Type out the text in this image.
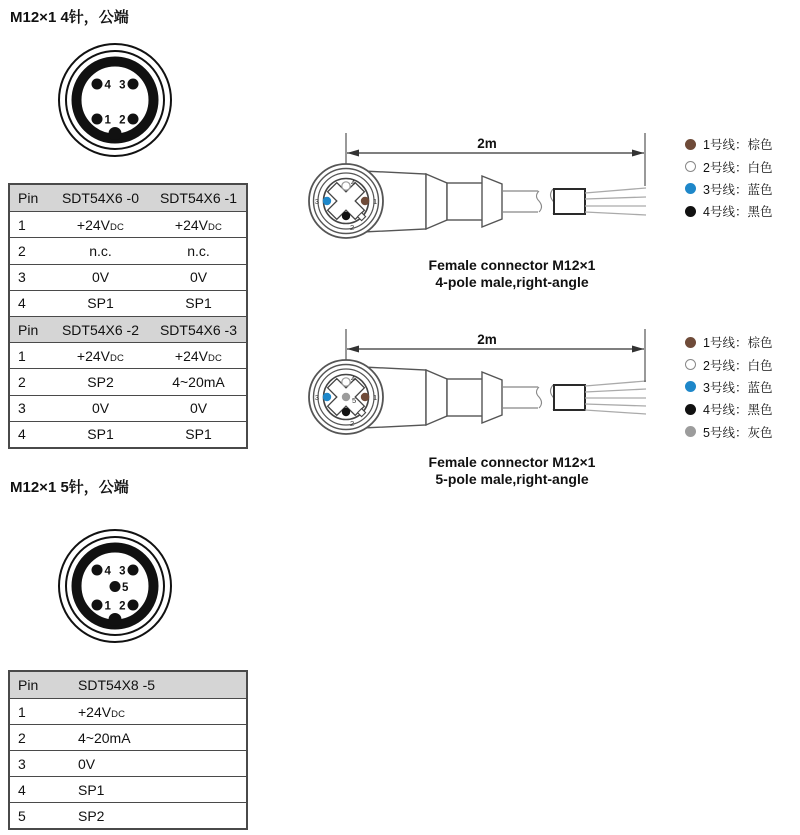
M12×1 4针，公端
4 3
1 2
Pin	SDT54X6 -0	SDT54X6 -1
1	+24VDC	+24VDC
2	n.c.	n.c.
3	0V	0V
4	SP1	SP1
Pin	SDT54X6 -2	SDT54X6 -3
1	+24VDC	+24VDC
2	SP2	4~20mA
3	0V	0V
4	SP1	SP1
M12×1 5针，公端
4 3
5
1 2
Pin	SDT54X8 -5
1	+24VDC
2	4~20mA
3	0V
4	SP1
5	SP2
2m
3	1
4
2
Female connector M12×1
4-pole male,right-angle
2m
3	1
4
2
5
Female connector M12×1
5-pole male,right-angle
1号线：棕色
2号线：白色
3号线：蓝色
4号线：黑色
1号线：棕色
2号线：白色
3号线：蓝色
4号线：黑色
5号线：灰色
